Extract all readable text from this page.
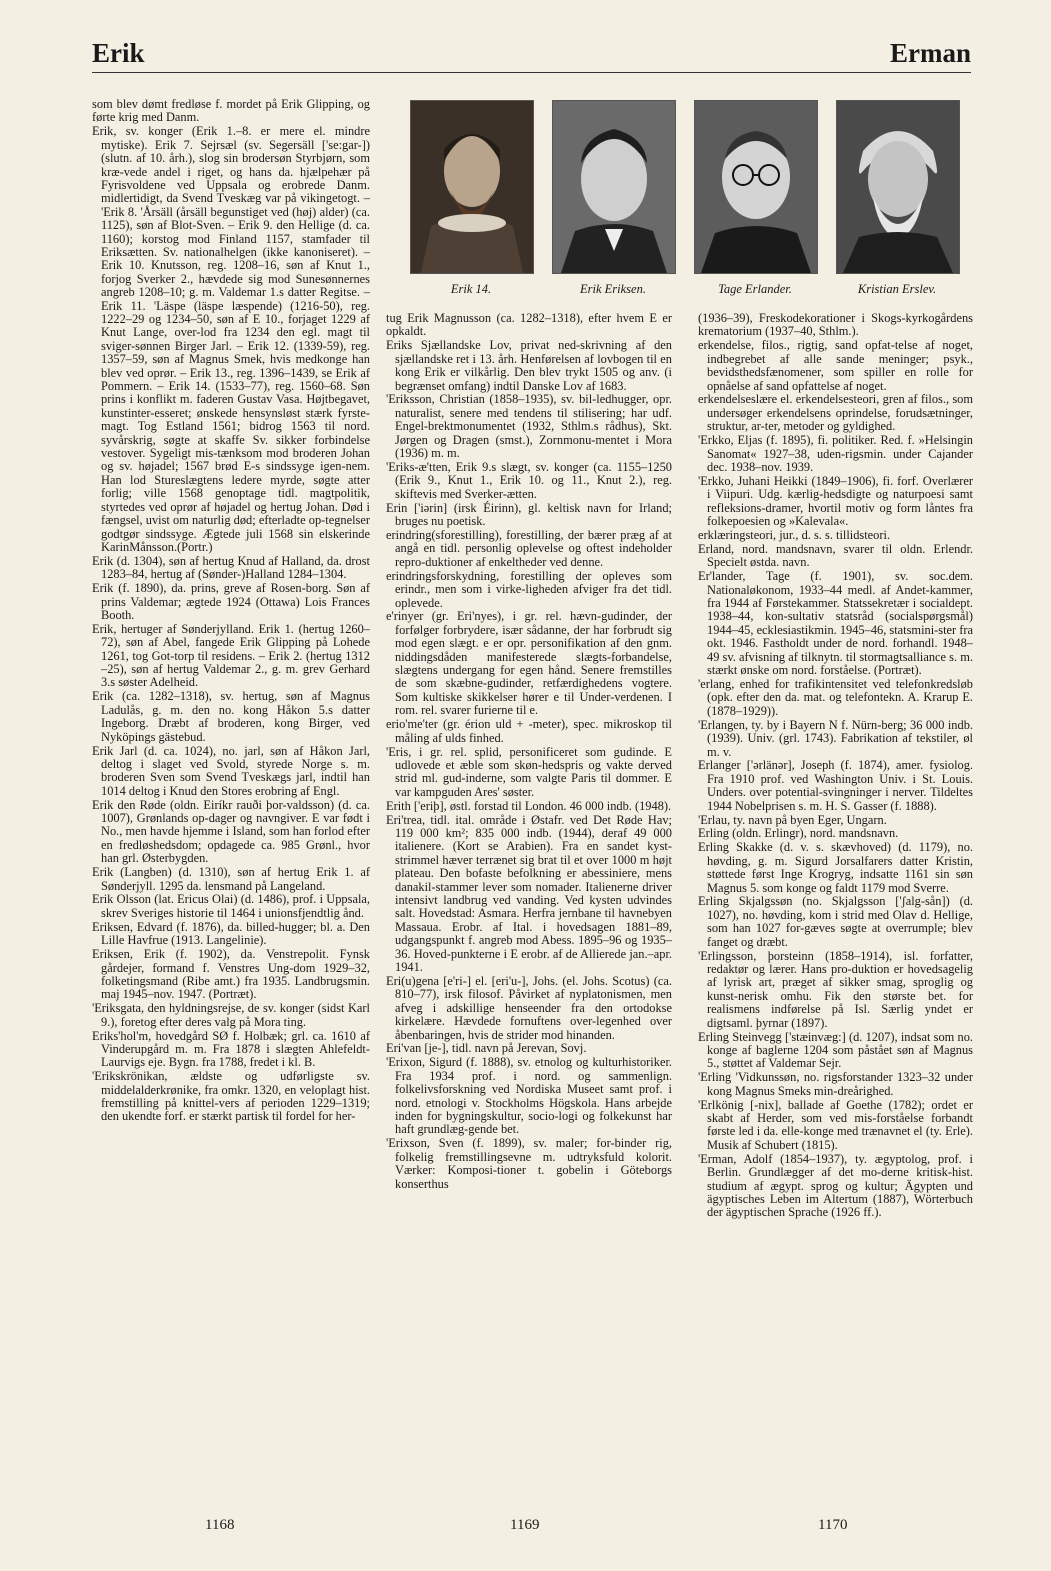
Erik	Erman
Erik 14.	Erik Eriksen.	Tage Erlander.	Kristian Erslev.

som blev dømt fredløse f. mordet på Erik Glipping, og førte krig med Danm.

Erik, sv. konger (Erik 1.–8. er mere el. mindre mytiske). Erik 7. Sejrsæl (sv. Segersäll ['se:gar-]) (slutn. af 10. årh.), slog sin brodersøn Styrbjørn, som kræ-vede andel i riget, og hans da. hjælpehær på Fyrisvoldene ved Uppsala og erobrede Danm. midlertidigt, da Svend Tveskæg var på vikingetogt. – 'Erik 8. 'Årsäll (årsäll begunstiget ved (høj) alder) (ca. 1125), søn af Blot-Sven. – Erik 9. den Hellige (d. ca. 1160); korstog mod Finland 1157, stamfader til Eriksætten. Sv. nationalhelgen (ikke kanoniseret). – Erik 10. Knutsson, reg. 1208–16, søn af Knut 1., forjog Sverker 2., hævdede sig mod Sunesønnernes angreb 1208–10; g. m. Valdemar 1.s datter Regitse. – Erik 11. 'Läspe (läspe læspende) (1216-50), reg. 1222–29 og 1234–50, søn af E 10., forjaget 1229 af Knut Lange, over-lod fra 1234 den egl. magt til sviger-sønnen Birger Jarl. – Erik 12. (1339-59), reg. 1357–59, søn af Magnus Smek, hvis medkonge han blev ved oprør. – Erik 13., reg. 1396–1439, se Erik af Pommern. – Erik 14. (1533–77), reg. 1560–68. Søn prins i konflikt m. faderen Gustav Vasa. Højtbegavet, kunstinter-esseret; ønskede hensynsløst stærk fyrste-magt. Tog Estland 1561; bidrog 1563 til nord. syvårskrig, søgte at skaffe Sv. sikker forbindelse vestover. Sygeligt mis-tænksom mod broderen Johan og sv. højadel; 1567 brød E-s sindssyge igen-nem. Han lod Stureslægtens ledere myrde, søgte atter forlig; ville 1568 genoptage tidl. magtpolitik, styrtedes ved oprør af højadel og hertug Johan. Død i fængsel, uvist om naturlig død; efterladte op-tegnelser godtgør sindssyge. Ægtede juli 1568 sin elskerinde KarinMånsson.(Portr.)

Erik (d. 1304), søn af hertug Knud af Halland, da. drost 1283–84, hertug af (Sønder-)Halland 1284–1304.

Erik (f. 1890), da. prins, greve af Rosen-borg. Søn af prins Valdemar; ægtede 1924 (Ottawa) Lois Frances Booth.

Erik, hertuger af Sønderjylland. Erik 1. (hertug 1260–72), søn af Abel, fangede Erik Glipping på Lohede 1261, tog Got-torp til residens. – Erik 2. (hertug 1312 –25), søn af hertug Valdemar 2., g. m. grev Gerhard 3.s søster Adelheid.

Erik (ca. 1282–1318), sv. hertug, søn af Magnus Ladulås, g. m. den no. kong Håkon 5.s datter Ingeborg. Dræbt af broderen, kong Birger, ved Nyköpings gästebud.

Erik Jarl (d. ca. 1024), no. jarl, søn af Håkon Jarl, deltog i slaget ved Svold, styrede Norge s. m. broderen Sven som Svend Tveskægs jarl, indtil han 1014 deltog i Knud den Stores erobring af Engl.

Erik den Røde (oldn. Eiríkr rauði þor-valdsson) (d. ca. 1007), Grønlands op-dager og navngiver. E var født i No., men havde hjemme i Island, som han forlod efter en fredløshedsdom; opdagede ca. 985 Grønl., hvor han grl. Østerbygden.

Erik (Langben) (d. 1310), søn af hertug Erik 1. af Sønderjyll. 1295 da. lensmand på Langeland.

Erik Olsson (lat. Ericus Olai) (d. 1486), prof. i Uppsala, skrev Sveriges historie til 1464 i unionsfjendtlig ånd.

Eriksen, Edvard (f. 1876), da. billed-hugger; bl. a. Den Lille Havfrue (1913. Langelinie).

Eriksen, Erik (f. 1902), da. Venstrepolit. Fynsk gårdejer, formand f. Venstres Ung-dom 1929–32, folketingsmand (Ribe amt.) fra 1935. Landbrugsmin. maj 1945–nov. 1947. (Portræt).

'Eriksgata, den hyldningsrejse, de sv. konger (sidst Karl 9.), foretog efter deres valg på Mora ting.

Eriks'hol'm, hovedgård SØ f. Holbæk; grl. ca. 1610 af Vinderupgård m. m. Fra 1878 i slægten Ahlefeldt-Laurvigs eje. Bygn. fra 1788, fredet i kl. B.

'Erikskrönikan, ældste og udførligste sv. middelalderkrønike, fra omkr. 1320, en veloplagt hist. fremstilling på knittel-vers af perioden 1229–1319; den ukendte forf. er stærkt partisk til fordel for her-

tug Erik Magnusson (ca. 1282–1318), efter hvem E er opkaldt.

Eriks Sjællandske Lov, privat ned-skrivning af den sjællandske ret i 13. årh. Henførelsen af lovbogen til en kong Erik er vilkårlig. Den blev trykt 1505 og anv. (i begrænset omfang) indtil Danske Lov af 1683.

'Eriksson, Christian (1858–1935), sv. bil-ledhugger, opr. naturalist, senere med tendens til stilisering; har udf. Engel-brektmonumentet (1932, Sthlm.s rådhus), Skt. Jørgen og Dragen (smst.), Zornmonu-mentet i Mora (1936) m. m.

'Eriks-æ'tten, Erik 9.s slægt, sv. konger (ca. 1155–1250 (Erik 9., Knut 1., Erik 10. og 11., Knut 2.), reg. skiftevis med Sverker-ætten.

Erin ['iərin] (irsk Éirinn), gl. keltisk navn for Irland; bruges nu poetisk.

erindring(sforestilling), forestilling, der bærer præg af at angå en tidl. personlig oplevelse og oftest indeholder repro-duktioner af enkeltheder ved denne.

erindringsforskydning, forestilling der opleves som erindr., men som i virke-ligheden afviger fra det tidl. oplevede.

e'rinyer (gr. Eri'nyes), i gr. rel. hævn-gudinder, der forfølger forbrydere, især sådanne, der har forbrudt sig mod egen slægt. e er opr. personifikation af den gnm. niddingsdåden manifesterede slægts-forbandelse, slægtens undergang for egen hånd. Senere fremstilles de som skæbne-gudinder, retfærdighedens vogtere. Som kultiske skikkelser hører e til Under-verdenen. I rom. rel. svarer furierne til e.

erio'me'ter (gr. érion uld + -meter), spec. mikroskop til måling af ulds finhed.

'Eris, i gr. rel. splid, personificeret som gudinde. E udlovede et æble som skøn-hedspris og vakte derved strid ml. gud-inderne, som valgte Paris til dommer. E var kampguden Ares' søster.

Erith ['eriþ], østl. forstad til London. 46 000 indb. (1948).

Eri'trea, tidl. ital. område i Østafr. ved Det Røde Hav; 119 000 km²; 835 000 indb. (1944), deraf 49 000 italienere. (Kort se Arabien). Fra en sandet kyst-strimmel hæver terrænet sig brat til et over 1000 m højt plateau. Den bofaste befolkning er abessiniere, mens danakil-stammer lever som nomader. Italienerne driver intensivt landbrug ved vanding. Ved kysten udvindes salt. Hovedstad: Asmara. Herfra jernbane til havnebyen Massaua. Erobr. af Ital. i hovedsagen 1881–89, udgangspunkt f. angreb mod Abess. 1895–96 og 1935–36. Hoved-punkterne i E erobr. af de Allierede jan.–apr. 1941.

Eri(u)gena [e'ri-] el. [eri'u-], Johs. (el. Johs. Scotus) (ca. 810–77), irsk filosof. Påvirket af nyplatonismen, men afveg i adskillige henseender fra den ortodokse kirkelære. Hævdede fornuftens over-legenhed over åbenbaringen, hvis de strider mod hinanden.

Eri'van [je-], tidl. navn på Jerevan, Sovj.

'Erixon, Sigurd (f. 1888), sv. etnolog og kulturhistoriker. Fra 1934 prof. i nord. og sammenlign. folkelivsforskning ved Nordiska Museet samt prof. i nord. etnologi v. Stockholms Högskola. Hans arbejde inden for bygningskultur, socio-logi og folkekunst har haft grundlæg-gende bet.

'Erixson, Sven (f. 1899), sv. maler; for-binder rig, folkelig fremstillingsevne m. udtryksfuld kolorit. Værker: Komposi-tioner t. gobelin i Göteborgs konserthus

(1936–39), Freskodekorationer i Skogs-kyrkogårdens krematorium (1937–40, Sthlm.).

erkendelse, filos., rigtig, sand opfat-telse af noget, indbegrebet af alle sande meninger; psyk., bevidsthedsfænomener, som spiller en rolle for opnåelse af sand opfattelse af noget.

erkendelseslære el. erkendelsesteori, gren af filos., som undersøger erkendelsens oprindelse, forudsætninger, struktur, ar-ter, metoder og gyldighed.

'Erkko, Eljas (f. 1895), fi. politiker. Red. f. »Helsingin Sanomat« 1927–38, uden-rigsmin. under Cajander dec. 1938–nov. 1939.

'Erkko, Juhani Heikki (1849–1906), fi. forf. Overlærer i Viipuri. Udg. kærlig-hedsdigte og naturpoesi samt refleksions-dramer, hvortil motiv og form låntes fra folkepoesien og »Kalevala«.

erklæringsteori, jur., d. s. s. tillidsteori.

Erland, nord. mandsnavn, svarer til oldn. Erlendr. Specielt østda. navn.

Er'lander, Tage (f. 1901), sv. soc.dem. Nationaløkonom, 1933–44 medl. af Andet-kammer, fra 1944 af Førstekammer. Statssekretær i socialdept. 1938–44, kon-sultativ statsråd (socialspørgsmål) 1944–45, ecklesiastikmin. 1945–46, statsmini-ster fra okt. 1946. Fastholdt under de nord. forhandl. 1948–49 sv. afvisning af tilknytn. til stormagtsalliance s. m. stærkt ønske om nord. forståelse. (Portræt).

'erlang, enhed for trafikintensitet ved telefonkredsløb (opk. efter den da. mat. og telefontekn. A. Krarup E. (1878–1929)).

'Erlangen, ty. by i Bayern N f. Nürn-berg; 36 000 indb. (1939). Univ. (grl. 1743). Fabrikation af tekstiler, øl m. v.

Erlanger ['ərlänər], Joseph (f. 1874), amer. fysiolog. Fra 1910 prof. ved Washington Univ. i St. Louis. Unders. over potential-svingninger i nerver. Tildeltes 1944 Nobelprisen s. m. H. S. Gasser (f. 1888).

'Erlau, ty. navn på byen Eger, Ungarn.

Erling (oldn. Erlingr), nord. mandsnavn.

Erling Skakke (d. v. s. skævhoved) (d. 1179), no. høvding, g. m. Sigurd Jorsalfarers datter Kristin, støttede først Inge Krogryg, indsatte 1161 sin søn Magnus 5. som konge og faldt 1179 mod Sverre.

Erling Skjalgssøn (no. Skjalgsson ['ʃalg-sån]) (d. 1027), no. høvding, kom i strid med Olav d. Hellige, som han 1027 for-gæves søgte at overrumple; blev fanget og dræbt.

'Erlingsson, þorsteinn (1858–1914), isl. forfatter, redaktør og lærer. Hans pro-duktion er hovedsagelig af lyrisk art, præget af sikker smag, sproglig og kunst-nerisk omhu. Fik den største bet. for realismens indførelse på Isl. Særlig yndet er digtsaml. þyrnar (1897).

Erling Steinvegg ['stæinvæg:] (d. 1207), indsat som no. konge af baglerne 1204 som påstået søn af Magnus 5., støttet af Valdemar Sejr.

'Erling 'Vidkunssøn, no. rigsforstander 1323–32 under kong Magnus Smeks min-dreårighed.

'Erlkönig [-nix], ballade af Goethe (1782); ordet er skabt af Herder, som ved mis-forståelse forbandt første led i da. elle-konge med trænavnet el (ty. Erle). Musik af Schubert (1815).

'Erman, Adolf (1854–1937), ty. ægyptolog, prof. i Berlin. Grundlægger af det mo-derne kritisk-hist. studium af ægypt. sprog og kultur; Ägypten und ägyptisches Leben im Altertum (1887), Wörterbuch der ägyptischen Sprache (1926 ff.).

1168	1169	1170
